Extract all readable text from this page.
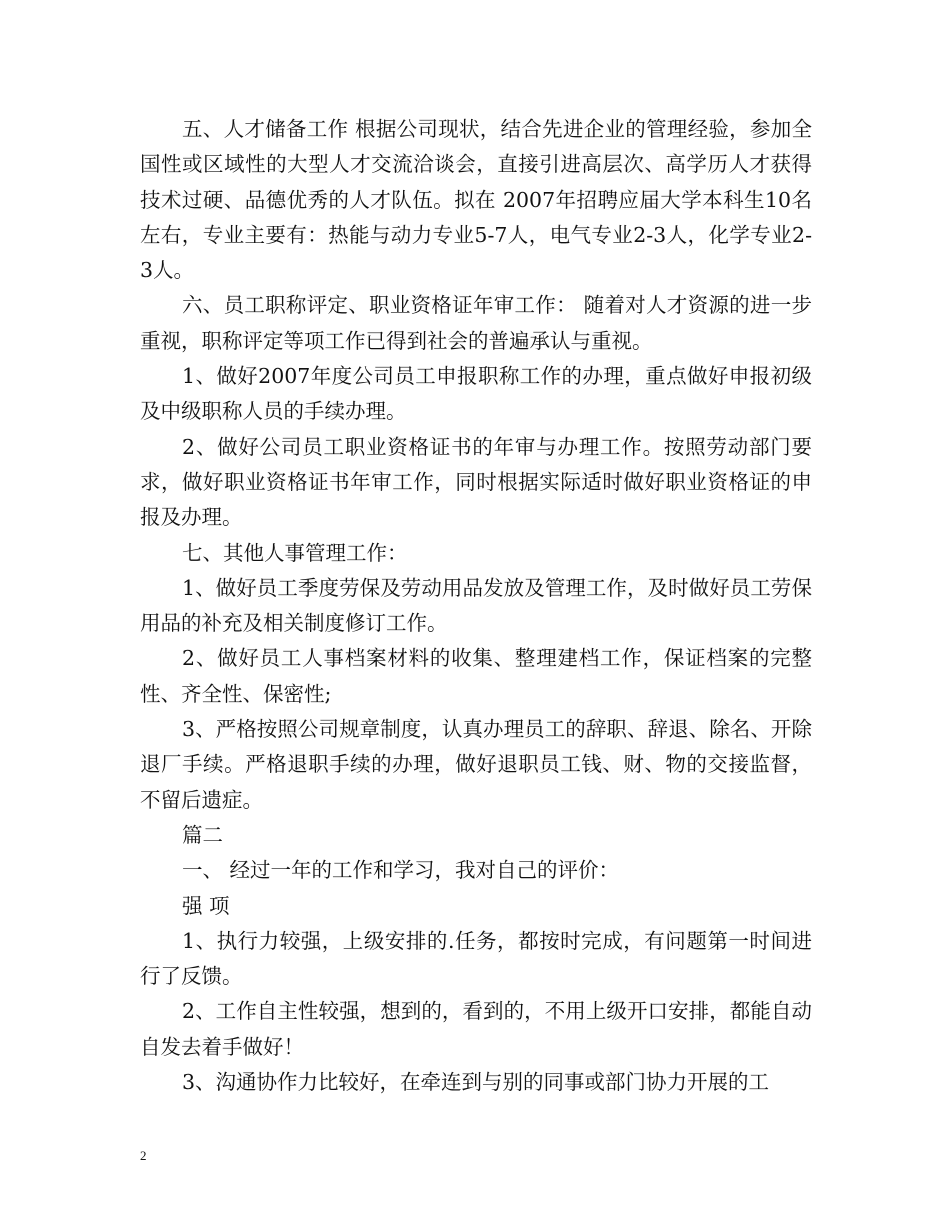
五、人才储备工作 根据公司现状，结合先进企业的管理经验，参加全国性或区域性的大型人才交流洽谈会，直接引进高层次、高学历人才获得技术过硬、品德优秀的人才队伍。拟在 2007年招聘应届大学本科生10名左右，专业主要有：热能与动力专业5-7人，电气专业2-3人，化学专业2-3人。

六、员工职称评定、职业资格证年审工作： 随着对人才资源的进一步重视，职称评定等项工作已得到社会的普遍承认与重视。

1、做好2007年度公司员工申报职称工作的办理，重点做好申报初级及中级职称人员的手续办理。

2、做好公司员工职业资格证书的年审与办理工作。按照劳动部门要求，做好职业资格证书年审工作，同时根据实际适时做好职业资格证的申报及办理。

七、其他人事管理工作：

1、做好员工季度劳保及劳动用品发放及管理工作，及时做好员工劳保用品的补充及相关制度修订工作。

2、做好员工人事档案材料的收集、整理建档工作，保证档案的完整性、齐全性、保密性;

3、严格按照公司规章制度，认真办理员工的辞职、辞退、除名、开除退厂手续。严格退职手续的办理，做好退职员工钱、财、物的交接监督，不留后遗症。

篇二

一、 经过一年的工作和学习，我对自己的评价：

强 项

1、执行力较强，上级安排的.任务，都按时完成，有问题第一时间进行了反馈。

2、工作自主性较强，想到的，看到的，不用上级开口安排，都能自动自发去着手做好！

3、沟通协作力比较好，在牵连到与别的同事或部门协力开展的工

2
